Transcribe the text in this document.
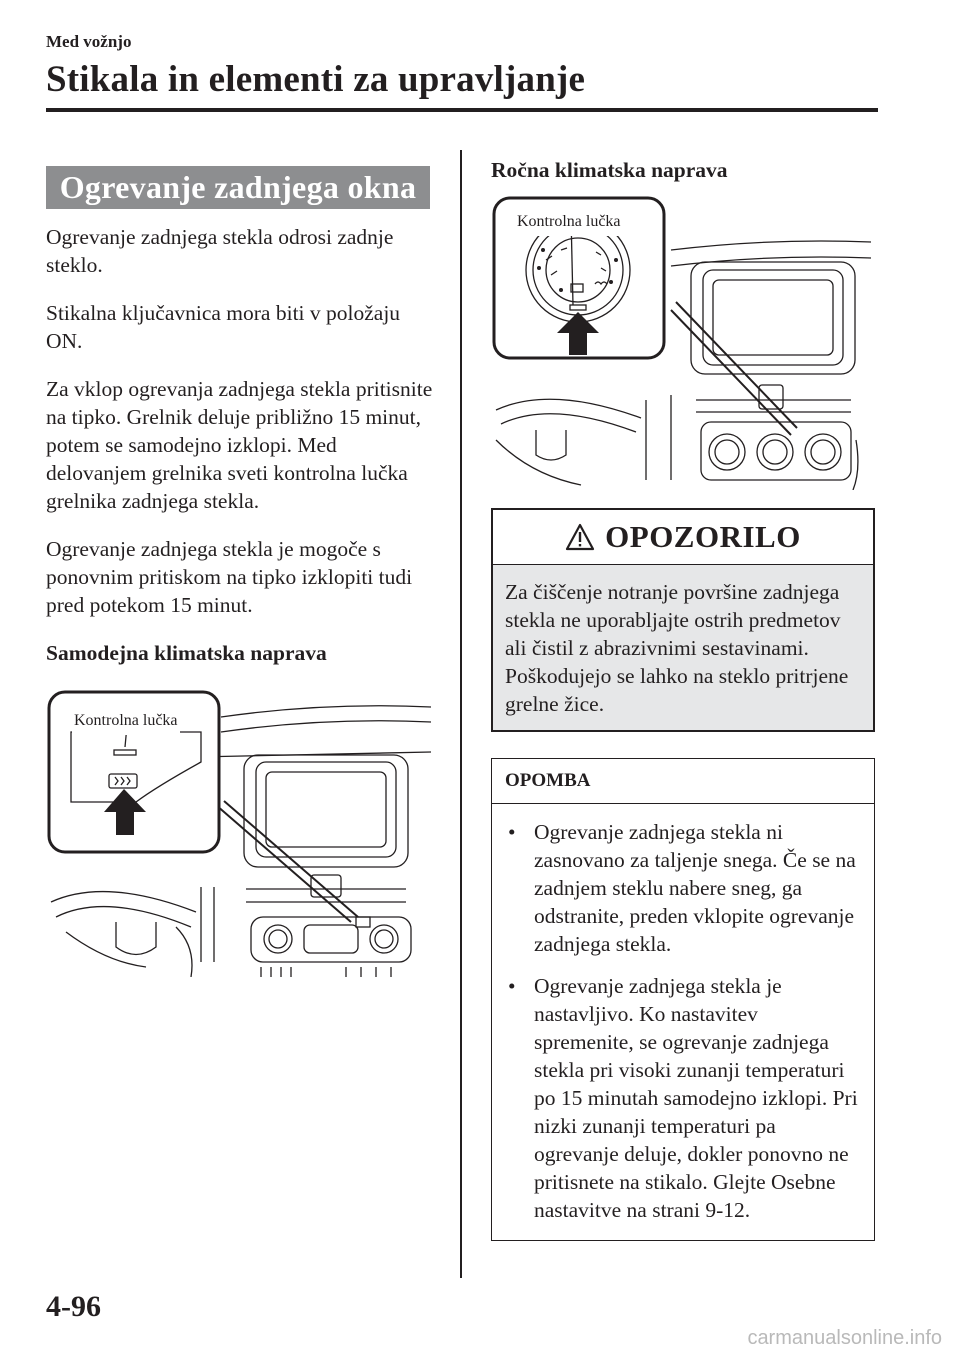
Med vožnjo
Stikala in elementi za upravljanje
Ogrevanje zadnjega okna

Ogrevanje zadnjega stekla odrosi zadnje steklo.

Stikalna ključavnica mora biti v položaju ON.

Za vklop ogrevanja zadnjega stekla pritisnite na tipko. Grelnik deluje približno 15 minut, potem se samodejno izklopi. Med delovanjem grelnika sveti kontrolna lučka grelnika zadnjega stekla.

Ogrevanje zadnjega stekla je mogoče s ponovnim pritiskom na tipko izklopiti tudi pred potekom 15 minut.

Samodejna klimatska naprava

Kontrolna lučka

Ročna klimatska naprava

Kontrolna lučka
OPOZORILO
Za čiščenje notranje površine zadnjega stekla ne uporabljajte ostrih predmetov ali čistil z abrazivnimi sestavinami. Poškodujejo se lahko na steklo pritrjene grelne žice.
OPOMBA
• Ogrevanje zadnjega stekla ni zasnovano za taljenje snega. Če se na zadnjem steklu nabere sneg, ga odstranite, preden vklopite ogrevanje zadnjega stekla.
• Ogrevanje zadnjega stekla je nastavljivo. Ko nastavitev spremenite, se ogrevanje zadnjega stekla pri visoki zunanji temperaturi po 15 minutah samodejno izklopi. Pri nizki zunanji temperaturi pa ogrevanje deluje, dokler ponovno ne pritisnete na stikalo. Glejte Osebne nastavitve na strani 9-12.
4-96
carmanualsonline.info
